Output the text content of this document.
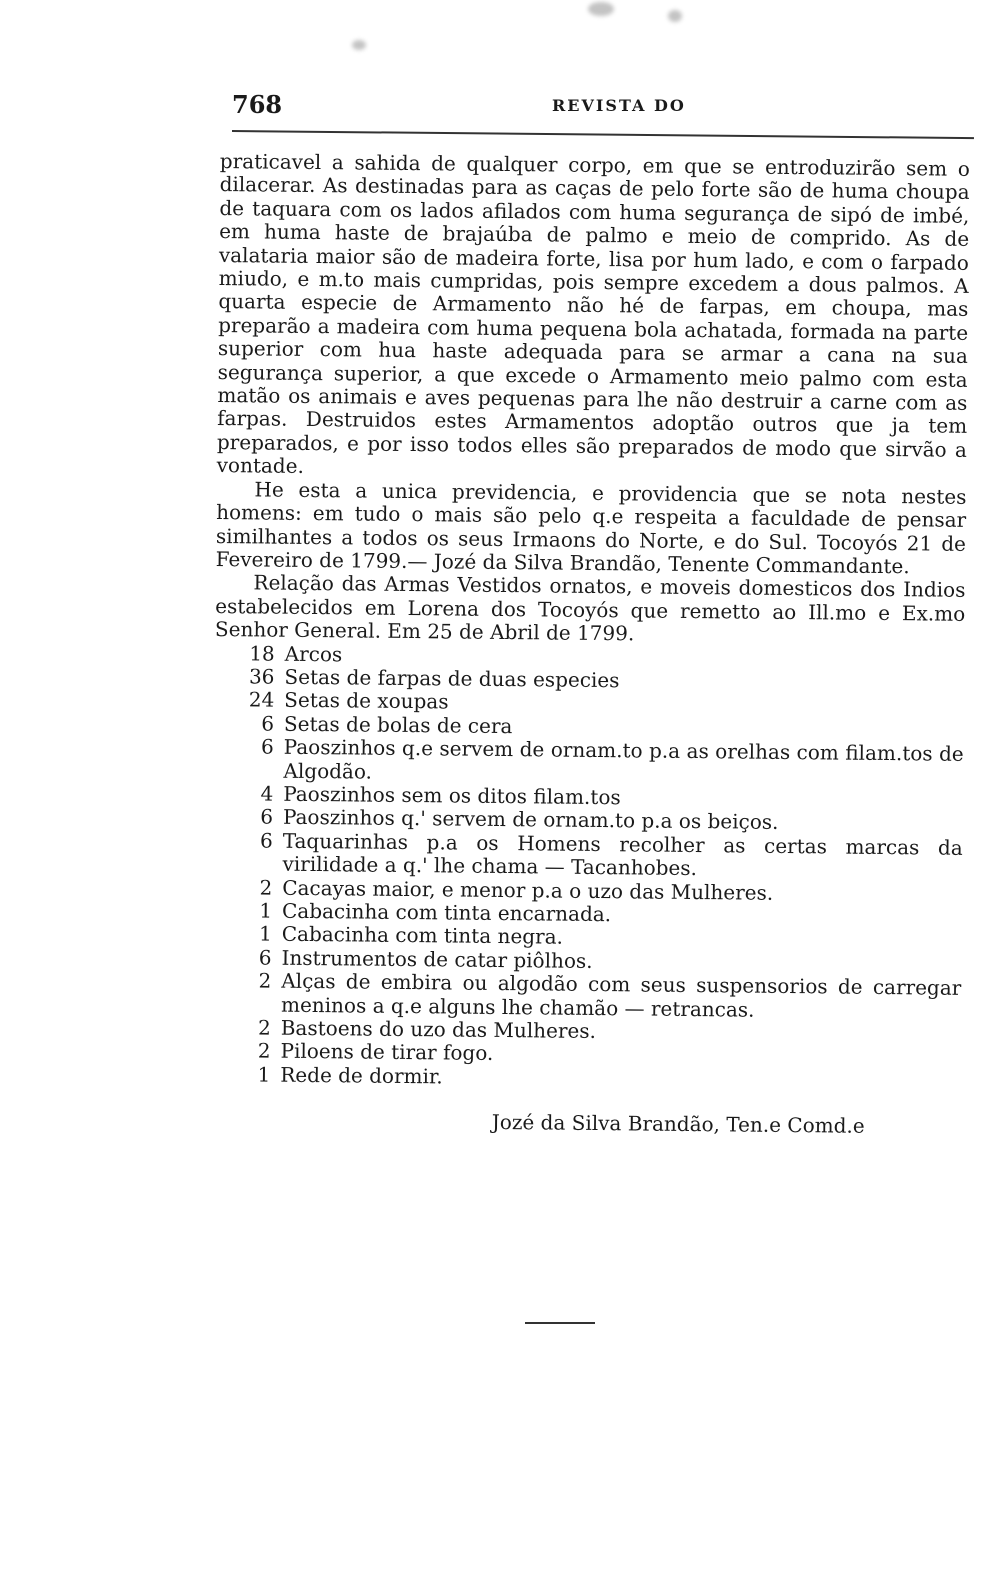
768	REVISTA DO

praticavel a sahida de qualquer corpo, em que se entroduzirão sem o dilacerar. As destinadas para as caças de pelo forte são de huma choupa de taquara com os lados afilados com huma segurança de sipó de imbé, em huma haste de brajaúba de palmo e meio de comprido. As de valataria maior são de madeira forte, lisa por hum lado, e com o farpado miudo, e m.to mais cumpridas, pois sempre excedem a dous palmos. A quarta especie de Armamento não hé de farpas, em choupa, mas preparão a madeira com huma pequena bola achatada, formada na parte superior com hua haste adequada para se armar a cana na sua segurança superior, a que excede o Armamento meio palmo com esta matão os animais e aves pequenas para lhe não destruir a carne com as farpas. Destruidos estes Armamentos adoptão outros que ja tem preparados, e por isso todos elles são preparados de modo que sirvão a vontade.

He esta a unica previdencia, e providencia que se nota nestes homens: em tudo o mais são pelo q.e respeita a faculdade de pensar similhantes a todos os seus Irmaons do Norte, e do Sul. Tocoyós 21 de Fevereiro de 1799.— Jozé da Silva Brandão, Tenente Commandante.

Relação das Armas Vestidos ornatos, e moveis domesticos dos Indios estabelecidos em Lorena dos Tocoyós que remetto ao Ill.mo e Ex.mo Senhor General. Em 25 de Abril de 1799.

18 Arcos
36 Setas de farpas de duas especies
24 Setas de xoupas
6 Setas de bolas de cera
6 Paoszinhos q.e servem de ornam.to p.a as orelhas com filam.tos de Algodão.
4 Paoszinhos sem os ditos filam.tos
6 Paoszinhos q.' servem de ornam.to p.a os beiços.
6 Taquarinhas p.a os Homens recolher as certas marcas da virilidade a q.' lhe chama — Tacanhobes.
2 Cacayas maior, e menor p.a o uzo das Mulheres.
1 Cabacinha com tinta encarnada.
1 Cabacinha com tinta negra.
6 Instrumentos de catar piôlhos.
2 Alças de embira ou algodão com seus suspensorios de carregar meninos a q.e alguns lhe chamão — retrancas.
2 Bastoens do uzo das Mulheres.
2 Piloens de tirar fogo.
1 Rede de dormir.

Jozé da Silva Brandão, Ten.e Comd.e
